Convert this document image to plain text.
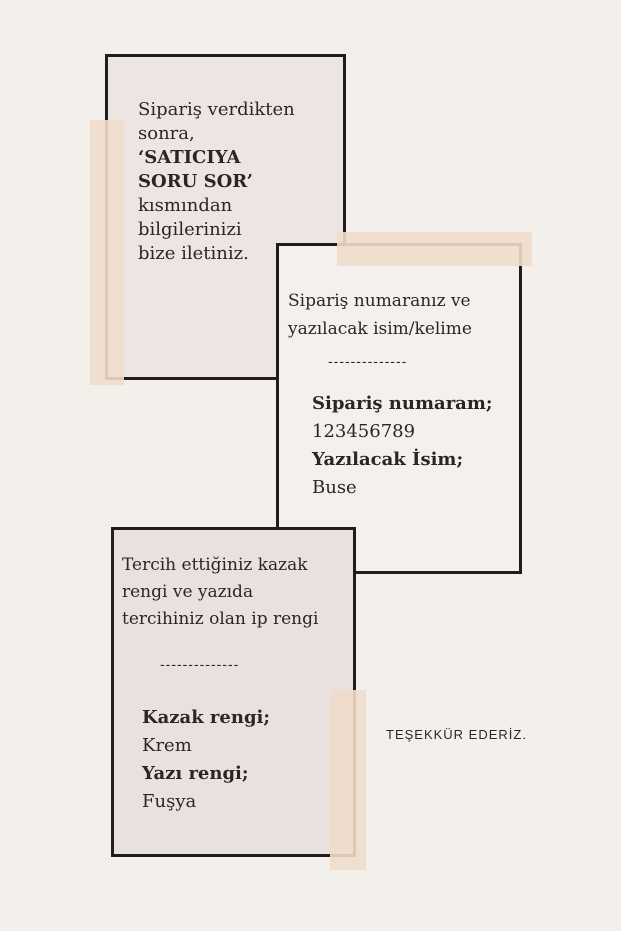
Sipariş verdikten
sonra,
‘SATICIYA
SORU SOR’
kısmından
bilgilerinizi
bize iletiniz.
Sipariş numaranız ve
yazılacak isim/kelime
--------------
Sipariş numaram;
123456789
Yazılacak İsim;
Buse
Tercih ettiğiniz kazak
rengi ve yazıda
tercihiniz olan ip rengi
--------------
Kazak rengi;
Krem
Yazı rengi;
Fuşya
TEŞEKKÜR EDERİZ.
